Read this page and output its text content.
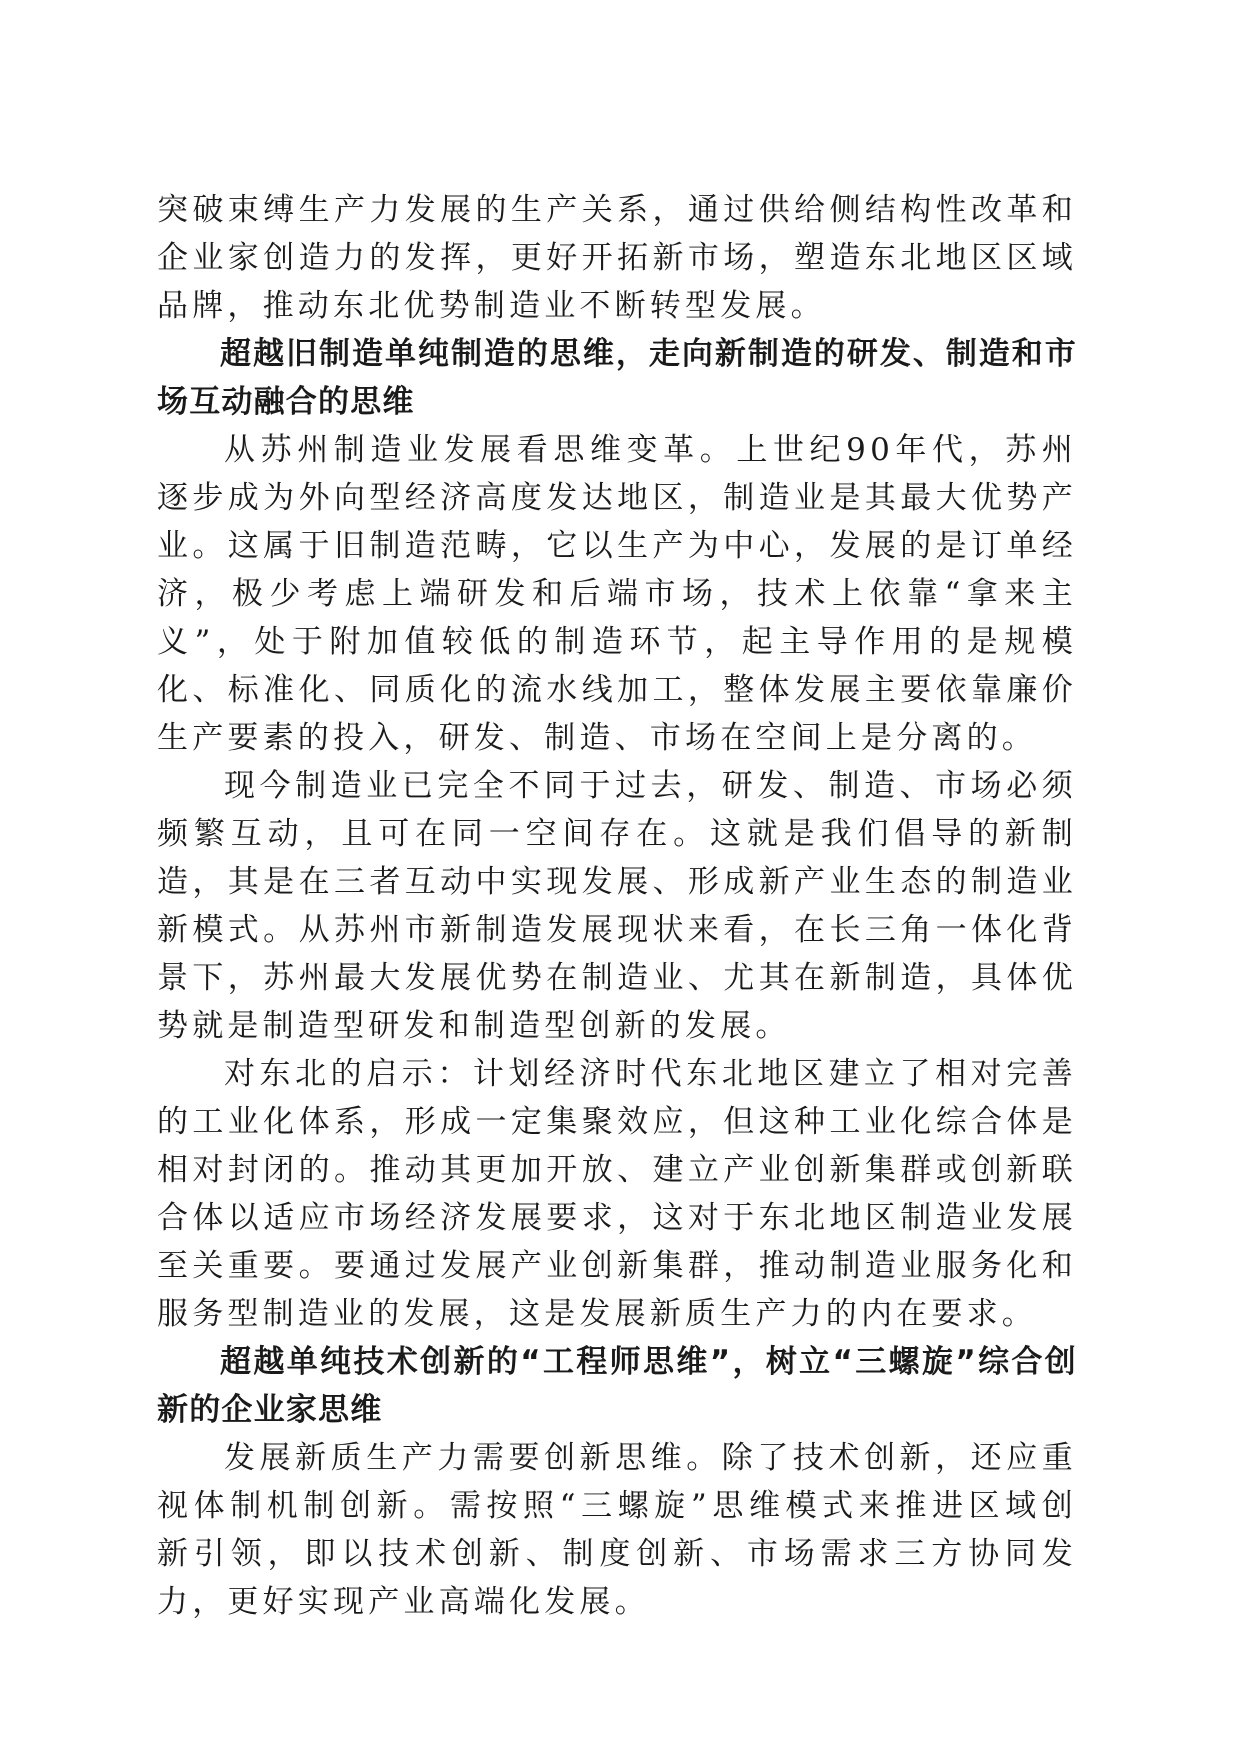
突破束缚生产力发展的生产关系，通过供给侧结构性改革和企业家创造力的发挥，更好开拓新市场，塑造东北地区区域品牌，推动东北优势制造业不断转型发展。

超越旧制造单纯制造的思维，走向新制造的研发、制造和市场互动融合的思维

从苏州制造业发展看思维变革。上世纪90年代，苏州逐步成为外向型经济高度发达地区，制造业是其最大优势产业。这属于旧制造范畴，它以生产为中心，发展的是订单经济，极少考虑上端研发和后端市场，技术上依靠“拿来主义”，处于附加值较低的制造环节，起主导作用的是规模化、标准化、同质化的流水线加工，整体发展主要依靠廉价生产要素的投入，研发、制造、市场在空间上是分离的。

现今制造业已完全不同于过去，研发、制造、市场必须频繁互动，且可在同一空间存在。这就是我们倡导的新制造，其是在三者互动中实现发展、形成新产业生态的制造业新模式。从苏州市新制造发展现状来看，在长三角一体化背景下，苏州最大发展优势在制造业、尤其在新制造，具体优势就是制造型研发和制造型创新的发展。

对东北的启示：计划经济时代东北地区建立了相对完善的工业化体系，形成一定集聚效应，但这种工业化综合体是相对封闭的。推动其更加开放、建立产业创新集群或创新联合体以适应市场经济发展要求，这对于东北地区制造业发展至关重要。要通过发展产业创新集群，推动制造业服务化和服务型制造业的发展，这是发展新质生产力的内在要求。

超越单纯技术创新的“工程师思维”，树立“三螺旋”综合创新的企业家思维

发展新质生产力需要创新思维。除了技术创新，还应重视体制机制创新。需按照“三螺旋”思维模式来推进区域创新引领，即以技术创新、制度创新、市场需求三方协同发力，更好实现产业高端化发展。
